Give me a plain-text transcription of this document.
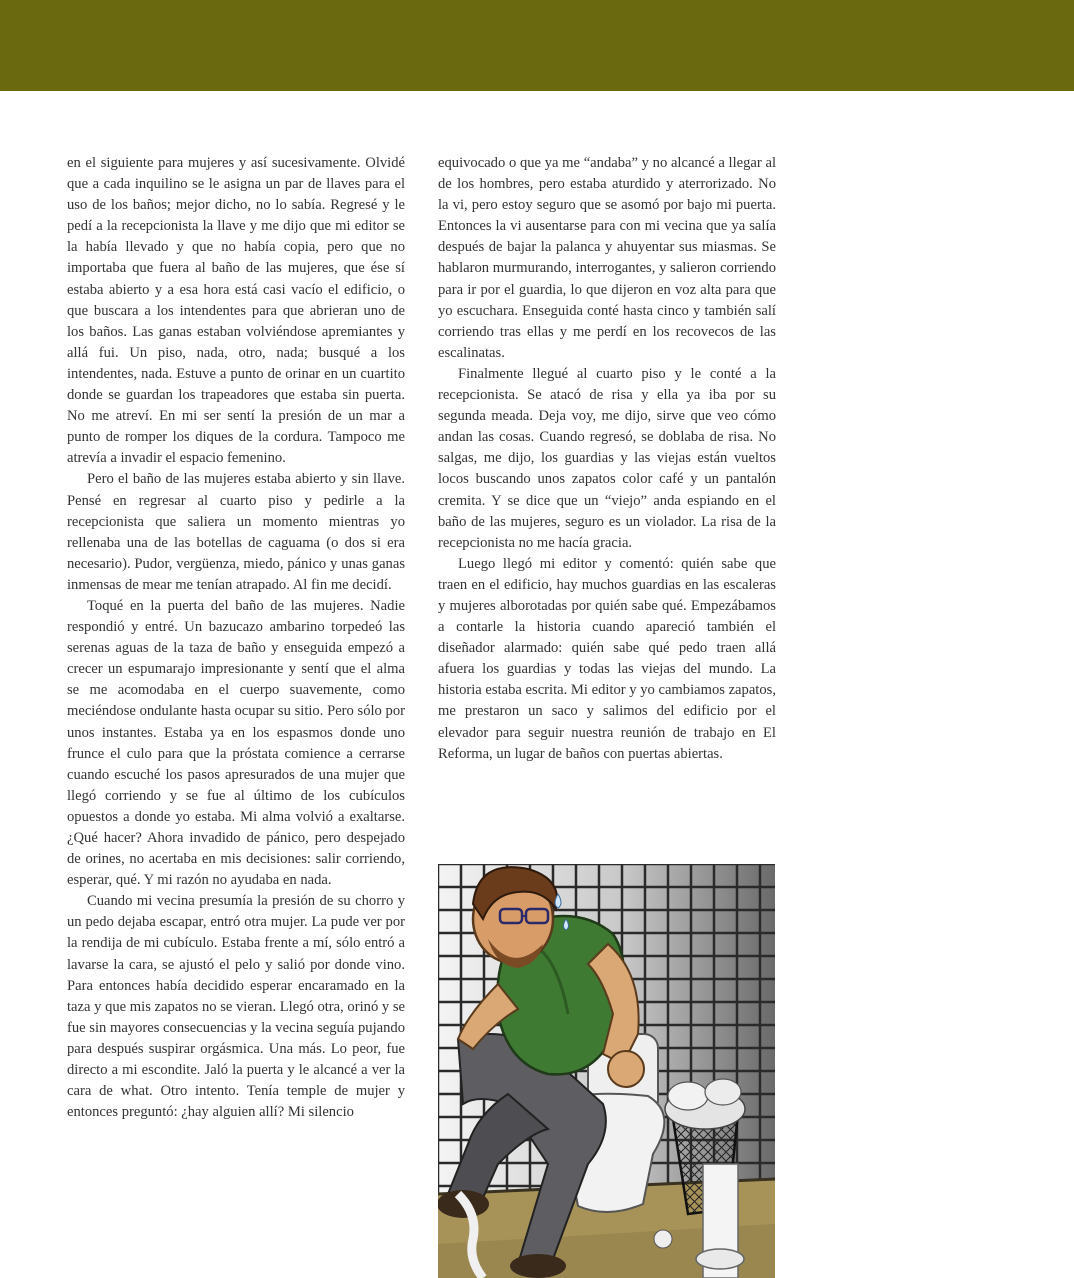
en el siguiente para mujeres y así sucesivamente. Olvidé que a cada inquilino se le asigna un par de llaves para el uso de los baños; mejor dicho, no lo sabía. Regresé y le pedí a la recepcionista la llave y me dijo que mi editor se la había llevado y que no había copia, pero que no importaba que fuera al baño de las mujeres, que ése sí estaba abierto y a esa hora está casi vacío el edificio, o que buscara a los intendentes para que abrieran uno de los baños. Las ganas estaban volviéndose apremiantes y allá fui. Un piso, nada, otro, nada; busqué a los intendentes, nada. Estuve a punto de orinar en un cuartito donde se guardan los trapeadores que estaba sin puerta. No me atreví. En mi ser sentí la presión de un mar a punto de romper los diques de la cordura. Tampoco me atrevía a invadir el espacio femenino.

Pero el baño de las mujeres estaba abierto y sin llave. Pensé en regresar al cuarto piso y pedirle a la recepcionista que saliera un momento mientras yo rellenaba una de las botellas de caguama (o dos si era necesario). Pudor, vergüenza, miedo, pánico y unas ganas inmensas de mear me tenían atrapado. Al fin me decidí.

Toqué en la puerta del baño de las mujeres. Nadie respondió y entré. Un bazucazo ambarino torpedeó las serenas aguas de la taza de baño y enseguida empezó a crecer un espumarajo impresionante y sentí que el alma se me acomodaba en el cuerpo suavemente, como meciéndose ondulante hasta ocupar su sitio. Pero sólo por unos instantes. Estaba ya en los espasmos donde uno frunce el culo para que la próstata comience a cerrarse cuando escuché los pasos apresurados de una mujer que llegó corriendo y se fue al último de los cubículos opuestos a donde yo estaba. Mi alma volvió a exaltarse. ¿Qué hacer? Ahora invadido de pánico, pero despejado de orines, no acertaba en mis decisiones: salir corriendo, esperar, qué. Y mi razón no ayudaba en nada.

Cuando mi vecina presumía la presión de su chorro y un pedo dejaba escapar, entró otra mujer. La pude ver por la rendija de mi cubículo. Estaba frente a mí, sólo entró a lavarse la cara, se ajustó el pelo y salió por donde vino. Para entonces había decidido esperar encaramado en la taza y que mis zapatos no se vieran. Llegó otra, orinó y se fue sin mayores consecuencias y la vecina seguía pujando para después suspirar orgásmica. Una más. Lo peor, fue directo a mi escondite. Jaló la puerta y le alcancé a ver la cara de what. Otro intento. Tenía temple de mujer y entonces preguntó: ¿hay alguien allí? Mi silencio

equivocado o que ya me “andaba” y no alcancé a llegar al de los hombres, pero estaba aturdido y aterrorizado. No la vi, pero estoy seguro que se asomó por bajo mi puerta. Entonces la vi ausentarse para con mi vecina que ya salía después de bajar la palanca y ahuyentar sus miasmas. Se hablaron murmurando, interrogantes, y salieron corriendo para ir por el guardia, lo que dijeron en voz alta para que yo escuchara. Enseguida conté hasta cinco y también salí corriendo tras ellas y me perdí en los recovecos de las escalinatas.

Finalmente llegué al cuarto piso y le conté a la recepcionista. Se atacó de risa y ella ya iba por su segunda meada. Deja voy, me dijo, sirve que veo cómo andan las cosas. Cuando regresó, se doblaba de risa. No salgas, me dijo, los guardias y las viejas están vueltos locos buscando unos zapatos color café y un pantalón cremita. Y se dice que un “viejo” anda espiando en el baño de las mujeres, seguro es un violador. La risa de la recepcionista no me hacía gracia.

Luego llegó mi editor y comentó: quién sabe que traen en el edificio, hay muchos guardias en las escaleras y mujeres alborotadas por quién sabe qué. Empezábamos a contarle la historia cuando apareció también el diseñador alarmado: quién sabe qué pedo traen allá afuera los guardias y todas las viejas del mundo. La historia estaba escrita. Mi editor y yo cambiamos zapatos, me prestaron un saco y salimos del edificio por el elevador para seguir nuestra reunión de trabajo en El Reforma, un lugar de baños con puertas abiertas.
